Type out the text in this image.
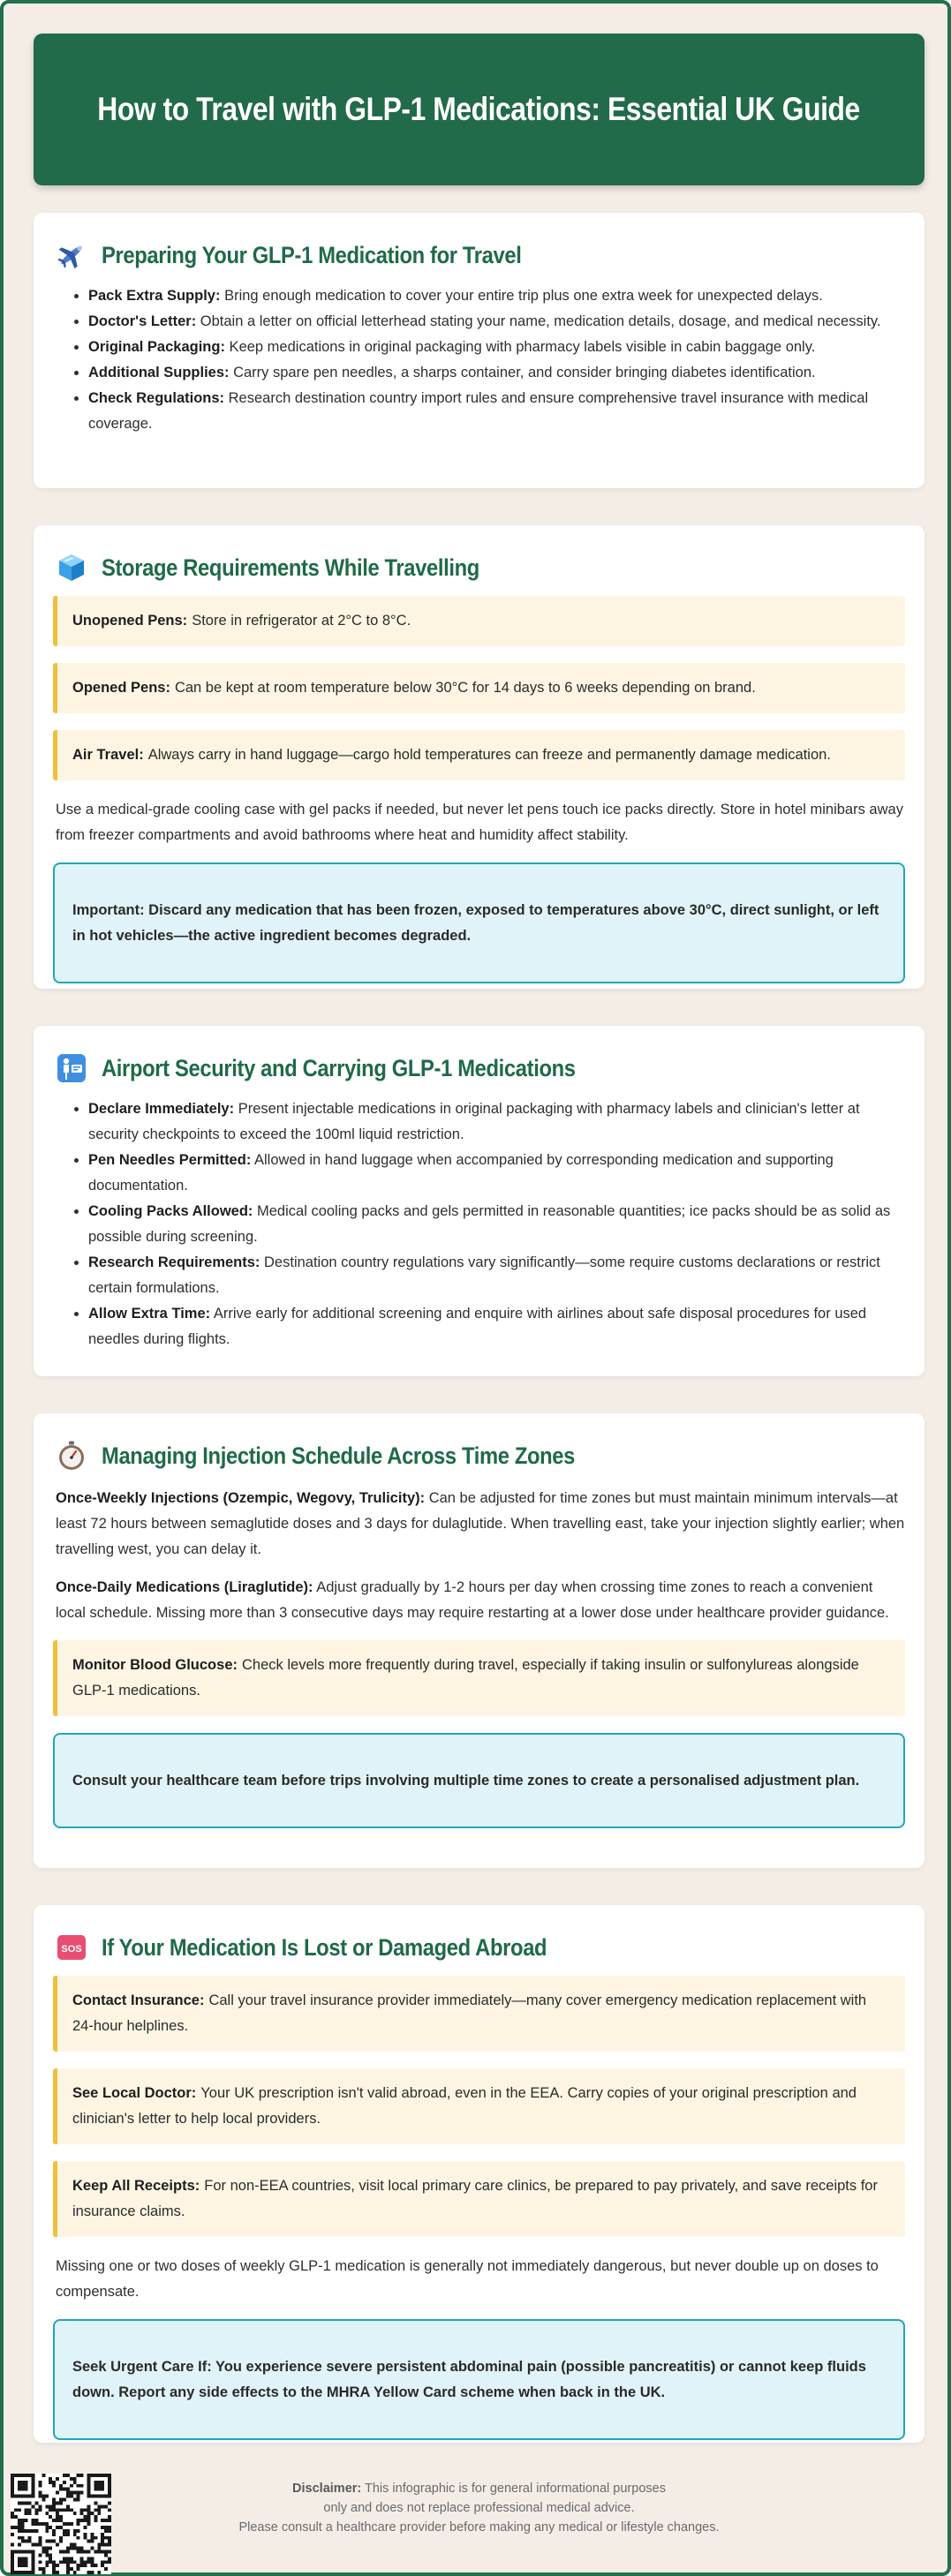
How to Travel with GLP-1 Medications: Essential UK Guide
Preparing Your GLP-1 Medication for Travel
• Pack Extra Supply: Bring enough medication to cover your entire trip plus one extra week for unexpected delays.
• Doctor's Letter: Obtain a letter on official letterhead stating your name, medication details, dosage, and medical necessity.
• Original Packaging: Keep medications in original packaging with pharmacy labels visible in cabin baggage only.
• Additional Supplies: Carry spare pen needles, a sharps container, and consider bringing diabetes identification.
• Check Regulations: Research destination country import rules and ensure comprehensive travel insurance with medical coverage.
Storage Requirements While Travelling
Unopened Pens: Store in refrigerator at 2°C to 8°C.
Opened Pens: Can be kept at room temperature below 30°C for 14 days to 6 weeks depending on brand.
Air Travel: Always carry in hand luggage—cargo hold temperatures can freeze and permanently damage medication.

Use a medical-grade cooling case with gel packs if needed, but never let pens touch ice packs directly. Store in hotel minibars away from freezer compartments and avoid bathrooms where heat and humidity affect stability.

Important: Discard any medication that has been frozen, exposed to temperatures above 30°C, direct sunlight, or left in hot vehicles—the active ingredient becomes degraded.
Airport Security and Carrying GLP-1 Medications
• Declare Immediately: Present injectable medications in original packaging with pharmacy labels and clinician's letter at security checkpoints to exceed the 100ml liquid restriction.
• Pen Needles Permitted: Allowed in hand luggage when accompanied by corresponding medication and supporting documentation.
• Cooling Packs Allowed: Medical cooling packs and gels permitted in reasonable quantities; ice packs should be as solid as possible during screening.
• Research Requirements: Destination country regulations vary significantly—some require customs declarations or restrict certain formulations.
• Allow Extra Time: Arrive early for additional screening and enquire with airlines about safe disposal procedures for used needles during flights.
Managing Injection Schedule Across Time Zones

Once-Weekly Injections (Ozempic, Wegovy, Trulicity): Can be adjusted for time zones but must maintain minimum intervals—at least 72 hours between semaglutide doses and 3 days for dulaglutide. When travelling east, take your injection slightly earlier; when travelling west, you can delay it.

Once-Daily Medications (Liraglutide): Adjust gradually by 1-2 hours per day when crossing time zones to reach a convenient local schedule. Missing more than 3 consecutive days may require restarting at a lower dose under healthcare provider guidance.

Monitor Blood Glucose: Check levels more frequently during travel, especially if taking insulin or sulfonylureas alongside GLP-1 medications.
Consult your healthcare team before trips involving multiple time zones to create a personalised adjustment plan.
SOS If Your Medication Is Lost or Damaged Abroad
Contact Insurance: Call your travel insurance provider immediately—many cover emergency medication replacement with 24-hour helplines.
See Local Doctor: Your UK prescription isn't valid abroad, even in the EEA. Carry copies of your original prescription and clinician's letter to help local providers.
Keep All Receipts: For non-EEA countries, visit local primary care clinics, be prepared to pay privately, and save receipts for insurance claims.

Missing one or two doses of weekly GLP-1 medication is generally not immediately dangerous, but never double up on doses to compensate.

Seek Urgent Care If: You experience severe persistent abdominal pain (possible pancreatitis) or cannot keep fluids down. Report any side effects to the MHRA Yellow Card scheme when back in the UK.
Disclaimer: This infographic is for general informational purposes
only and does not replace professional medical advice.
Please consult a healthcare provider before making any medical or lifestyle changes.
